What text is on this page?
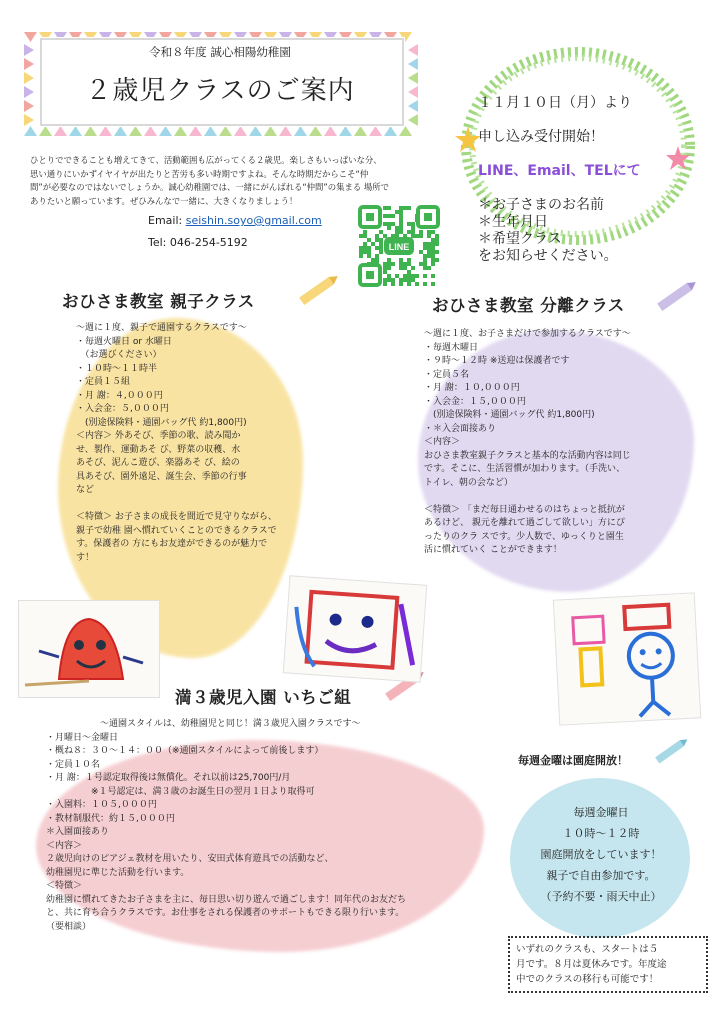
令和８年度 誠心相陽幼稚園
２歳児クラスのご案内
ひとりでできることも増えてきて、活動範囲も広がってくる２歳児。楽しさもいっぱいな分、
思い通りにいかずイヤイヤが出たりと苦労も多い時期ですよね。そんな時期だからこそ“仲
間”が必要なのではないでしょうか。誠心幼稚園では、一緒にがんばれる“仲間”の集まる 場所で
ありたいと願っています。ぜひみんなで一緒に、大きくなりましょう！
Email: seishin.soyo@gmail.com
Tel: 046-254-5192	LINE

１１月１０日（月）より

申し込み受付開始！

LINE、Email、TELにて

＊お子さまのお名前
＊生年月日
＊希望クラス
をお知らせください。

おひさま教室 親子クラス
～週に１度、親子で通園するクラスです～
・毎週火曜日 or 水曜日
　（お選びください）
・１０時～１１時半
・定員１５組
・月 謝：４,０００円
・入会金：５,０００円
　(別途保険料・通園バッグ代 約1,800円)
＜内容＞ 外あそび、季節の歌、読み聞か
せ、製作、運動あそ び、野菜の収穫、水
あそび、泥んこ遊び、楽器あそ び、絵の
具あそび、園外遠足、誕生会、季節の行事
など

＜特徴＞ お子さまの成長を間近で見守りながら、
親子で幼稚 園へ慣れていくことのできるクラスで
す。保護者の 方にもお友達ができるのが魅力で
す！
おひさま教室 分離クラス
～週に１度、お子さまだけで参加するクラスです～
・毎週木曜日
・９時～１２時 ※送迎は保護者です
・定員５名
・月 謝：１０,０００円
・入会金：１５,０００円
　(別途保険料・通園バッグ代 約1,800円)
・＊入会面接あり
＜内容＞
おひさま教室親子クラスと基本的な活動内容は同じ
です。そこに、生活習慣が加わります。（手洗い、
トイレ、朝の会など）

＜特徴＞ 「まだ毎日通わせるのはちょっと抵抗が
あるけど、 親元を離れて過ごして欲しい」方にぴ
ったりのクラ スです。少人数で、ゆっくりと園生
活に慣れていく ことができます！
満３歳児入園 いちご組
　　　　　　～通園スタイルは、幼稚園児と同じ！満３歳児入園クラスです～
・月曜日～金曜日
・概ね８：３０～１４：００（※通園スタイルによって前後します）
・定員１０名
・月 謝：１号認定取得後は無償化。それ以前は25,700円/月
　　　　　※１号認定は、満３歳のお誕生日の翌月１日より取得可
・入園料：１０５,０００円
・教材制服代：約１５,０００円
＊入園面接あり
＜内容＞
２歳児向けのピアジェ教材を用いたり、安田式体育遊具での活動など、
幼稚園児に準じた活動を行います。
＜特徴＞
幼稚園に慣れてきたお子さまを主に、毎日思い切り遊んで過ごします！同年代のお友だち
と、共に育ち合うクラスです。お仕事をされる保護者のサポートもできる限り行います。
（要相談）
毎週金曜は園庭開放！
毎週金曜日
１０時～１２時
園庭開放をしています！
親子で自由参加です。
（予約不要・雨天中止）
いずれのクラスも、スタートは５
月です。８月は夏休みです。年度途
中でのクラスの移行も可能です！
